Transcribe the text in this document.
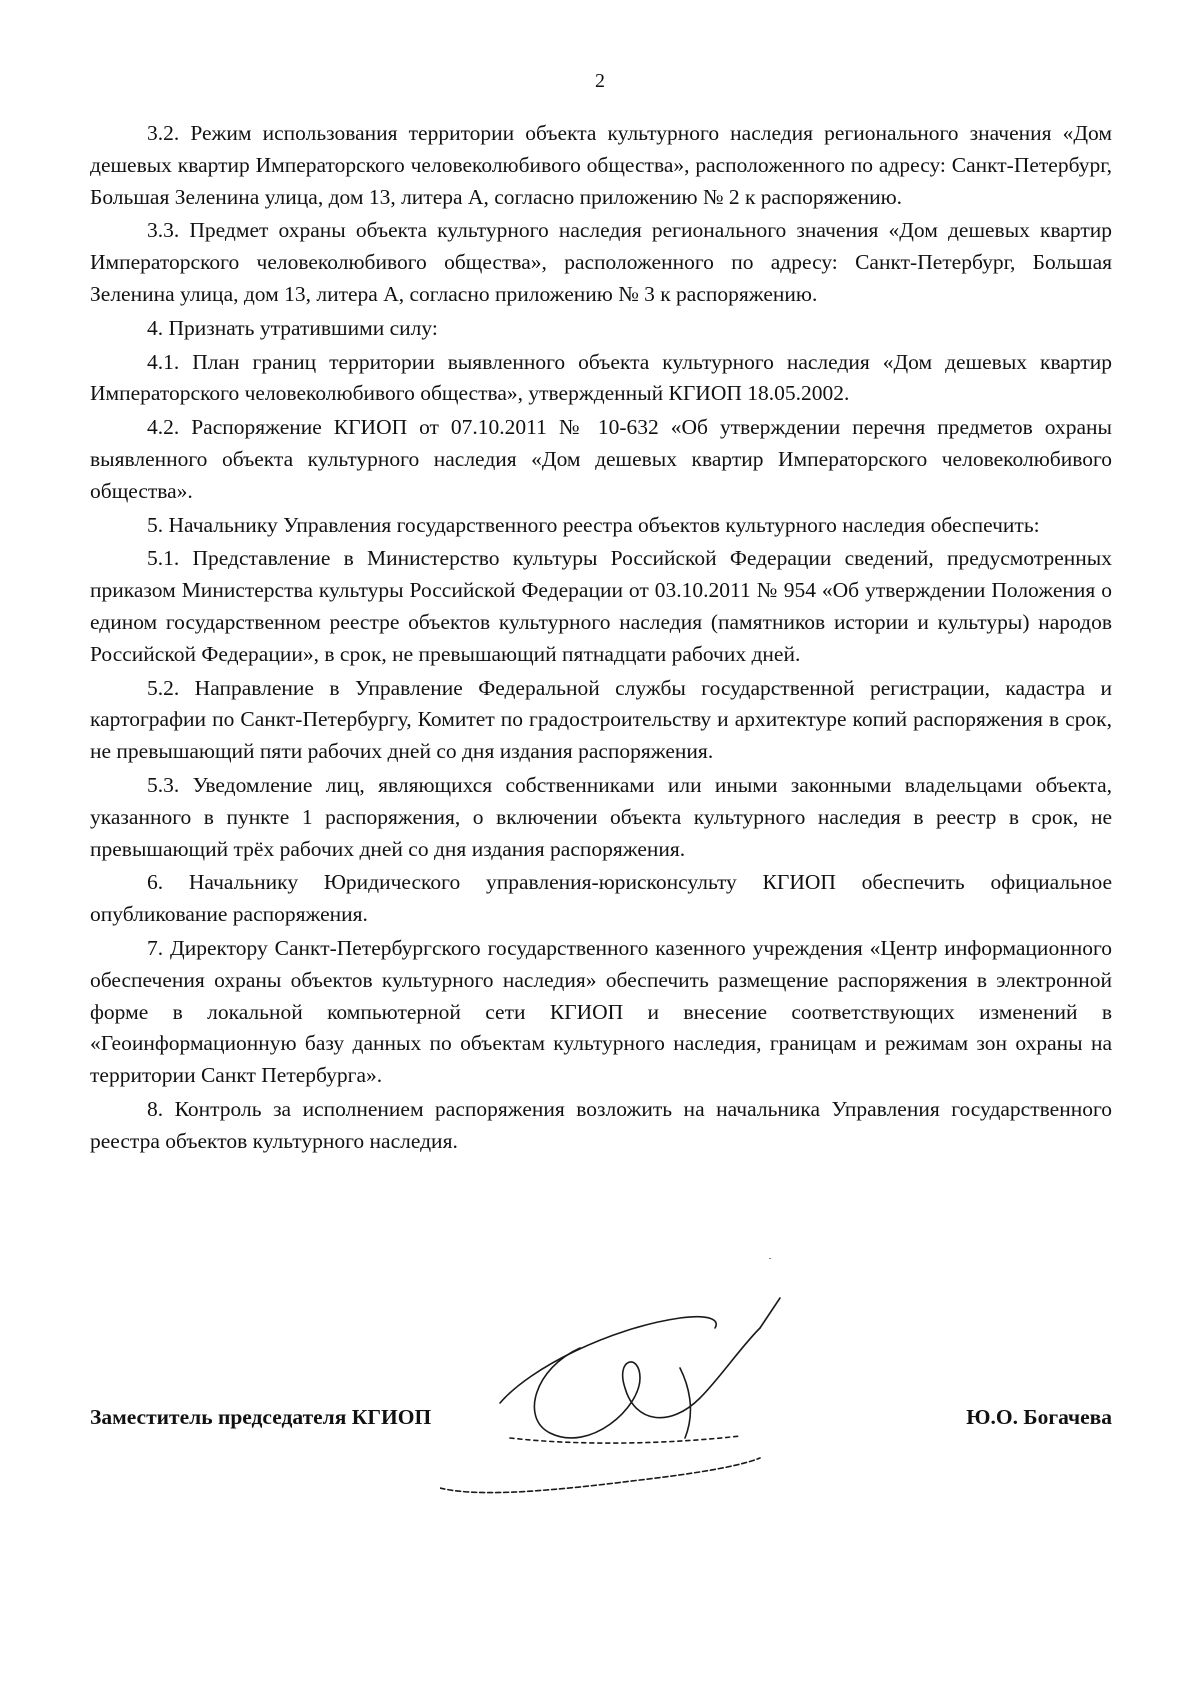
2

3.2. Режим использования территории объекта культурного наследия регионального значения «Дом дешевых квартир Императорского человеколюбивого общества», расположенного по адресу: Санкт-Петербург, Большая Зеленина улица, дом 13, литера А, согласно приложению № 2 к распоряжению.

3.3. Предмет охраны объекта культурного наследия регионального значения «Дом дешевых квартир Императорского человеколюбивого общества», расположенного по адресу: Санкт-Петербург, Большая Зеленина улица, дом 13, литера А, согласно приложению № 3 к распоряжению.

4. Признать утратившими силу:

4.1. План границ территории выявленного объекта культурного наследия «Дом дешевых квартир Императорского человеколюбивого общества», утвержденный КГИОП 18.05.2002.

4.2. Распоряжение КГИОП от 07.10.2011 № 10-632 «Об утверждении перечня предметов охраны выявленного объекта культурного наследия «Дом дешевых квартир Императорского человеколюбивого общества».

5. Начальнику Управления государственного реестра объектов культурного наследия обеспечить:

5.1. Представление в Министерство культуры Российской Федерации сведений, предусмотренных приказом Министерства культуры Российской Федерации от 03.10.2011 № 954 «Об утверждении Положения о едином государственном реестре объектов культурного наследия (памятников истории и культуры) народов Российской Федерации», в срок, не превышающий пятнадцати рабочих дней.

5.2. Направление в Управление Федеральной службы государственной регистрации, кадастра и картографии по Санкт-Петербургу, Комитет по градостроительству и архитектуре копий распоряжения в срок, не превышающий пяти рабочих дней со дня издания распоряжения.

5.3. Уведомление лиц, являющихся собственниками или иными законными владельцами объекта, указанного в пункте 1 распоряжения, о включении объекта культурного наследия в реестр в срок, не превышающий трёх рабочих дней со дня издания распоряжения.

6. Начальнику Юридического управления-юрисконсульту КГИОП обеспечить официальное опубликование распоряжения.

7. Директору Санкт-Петербургского государственного казенного учреждения «Центр информационного обеспечения охраны объектов культурного наследия» обеспечить размещение распоряжения в электронной форме в локальной компьютерной сети КГИОП и внесение соответствующих изменений в «Геоинформационную базу данных по объектам культурного наследия, границам и режимам зон охраны на территории Санкт Петербурга».

8. Контроль за исполнением распоряжения возложить на начальника Управления государственного реестра объектов культурного наследия.

Заместитель председателя КГИОП	Ю.О. Богачева
